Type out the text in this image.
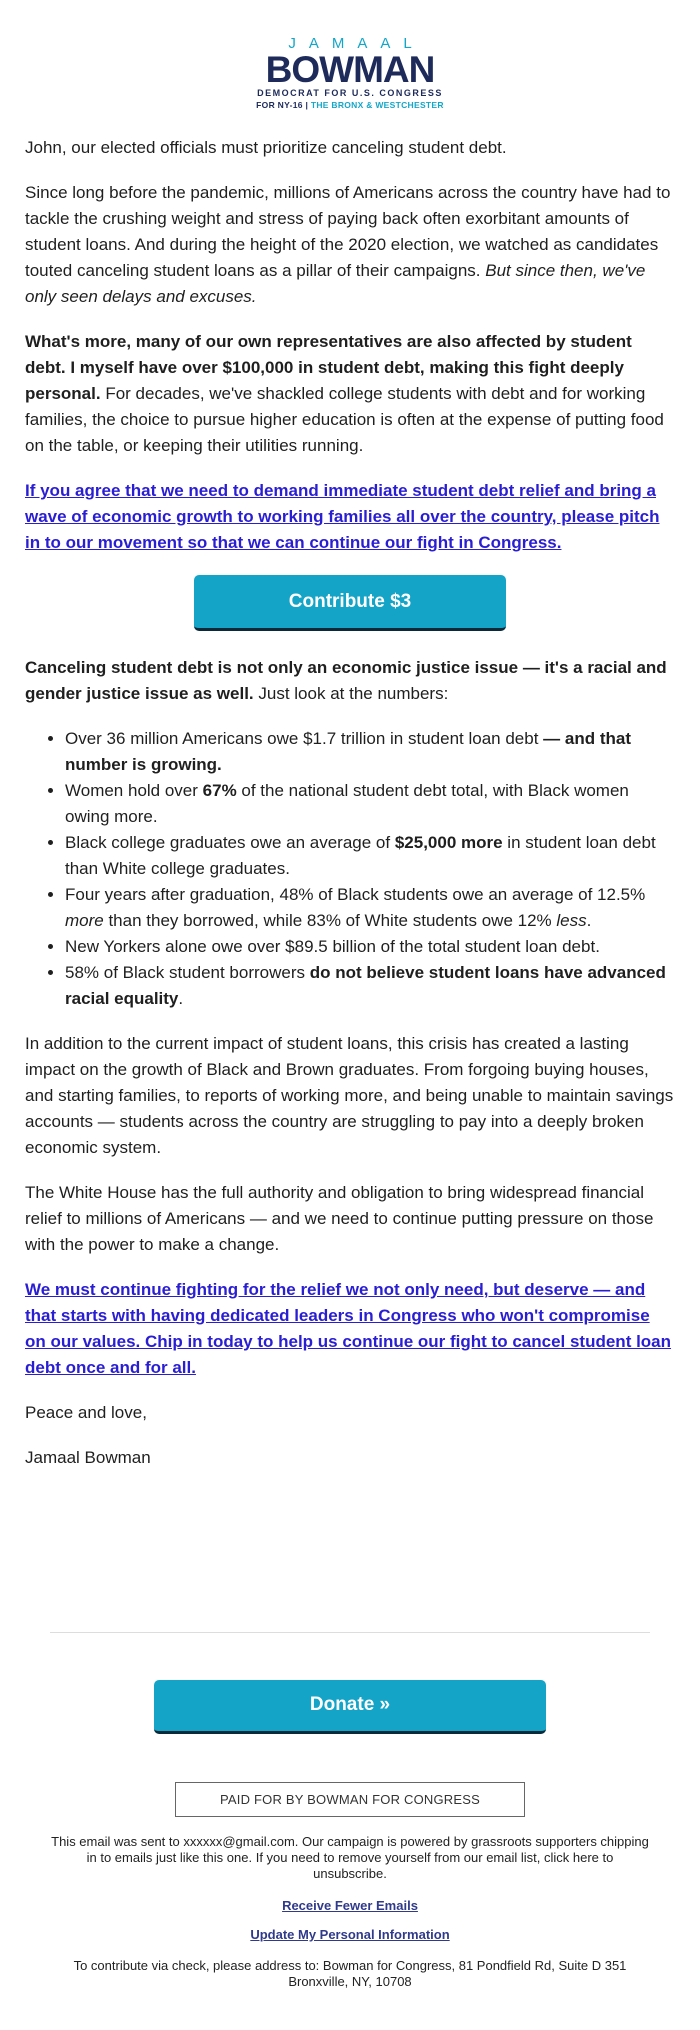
JAMAAL
BOWMAN
DEMOCRAT FOR U.S. CONGRESS
FOR NY-16 | THE BRONX & WESTCHESTER

John, our elected officials must prioritize canceling student debt.

Since long before the pandemic, millions of Americans across the country have had to tackle the crushing weight and stress of paying back often exorbitant amounts of student loans. And during the height of the 2020 election, we watched as candidates touted canceling student loans as a pillar of their campaigns. But since then, we've only seen delays and excuses.

What's more, many of our own representatives are also affected by student debt. I myself have over $100,000 in student debt, making this fight deeply personal. For decades, we've shackled college students with debt and for working families, the choice to pursue higher education is often at the expense of putting food on the table, or keeping their utilities running.

If you agree that we need to demand immediate student debt relief and bring a wave of economic growth to working families all over the country, please pitch in to our movement so that we can continue our fight in Congress.

Contribute $3

Canceling student debt is not only an economic justice issue — it's a racial and gender justice issue as well. Just look at the numbers:

• Over 36 million Americans owe $1.7 trillion in student loan debt — and that number is growing.
• Women hold over 67% of the national student debt total, with Black women owing more.
• Black college graduates owe an average of $25,000 more in student loan debt than White college graduates.
• Four years after graduation, 48% of Black students owe an average of 12.5% more than they borrowed, while 83% of White students owe 12% less.
• New Yorkers alone owe over $89.5 billion of the total student loan debt.
• 58% of Black student borrowers do not believe student loans have advanced racial equality.

In addition to the current impact of student loans, this crisis has created a lasting impact on the growth of Black and Brown graduates. From forgoing buying houses, and starting families, to reports of working more, and being unable to maintain savings accounts — students across the country are struggling to pay into a deeply broken economic system.

The White House has the full authority and obligation to bring widespread financial relief to millions of Americans — and we need to continue putting pressure on those with the power to make a change.

We must continue fighting for the relief we not only need, but deserve — and that starts with having dedicated leaders in Congress who won't compromise on our values. Chip in today to help us continue our fight to cancel student loan debt once and for all.

Peace and love,

Jamaal Bowman

Donate »
PAID FOR BY BOWMAN FOR CONGRESS
This email was sent to xxxxxx@gmail.com. Our campaign is powered by grassroots supporters chipping in to emails just like this one. If you need to remove yourself from our email list, click here to unsubscribe.
Receive Fewer Emails
Update My Personal Information
To contribute via check, please address to: Bowman for Congress, 81 Pondfield Rd, Suite D 351 Bronxville, NY, 10708
